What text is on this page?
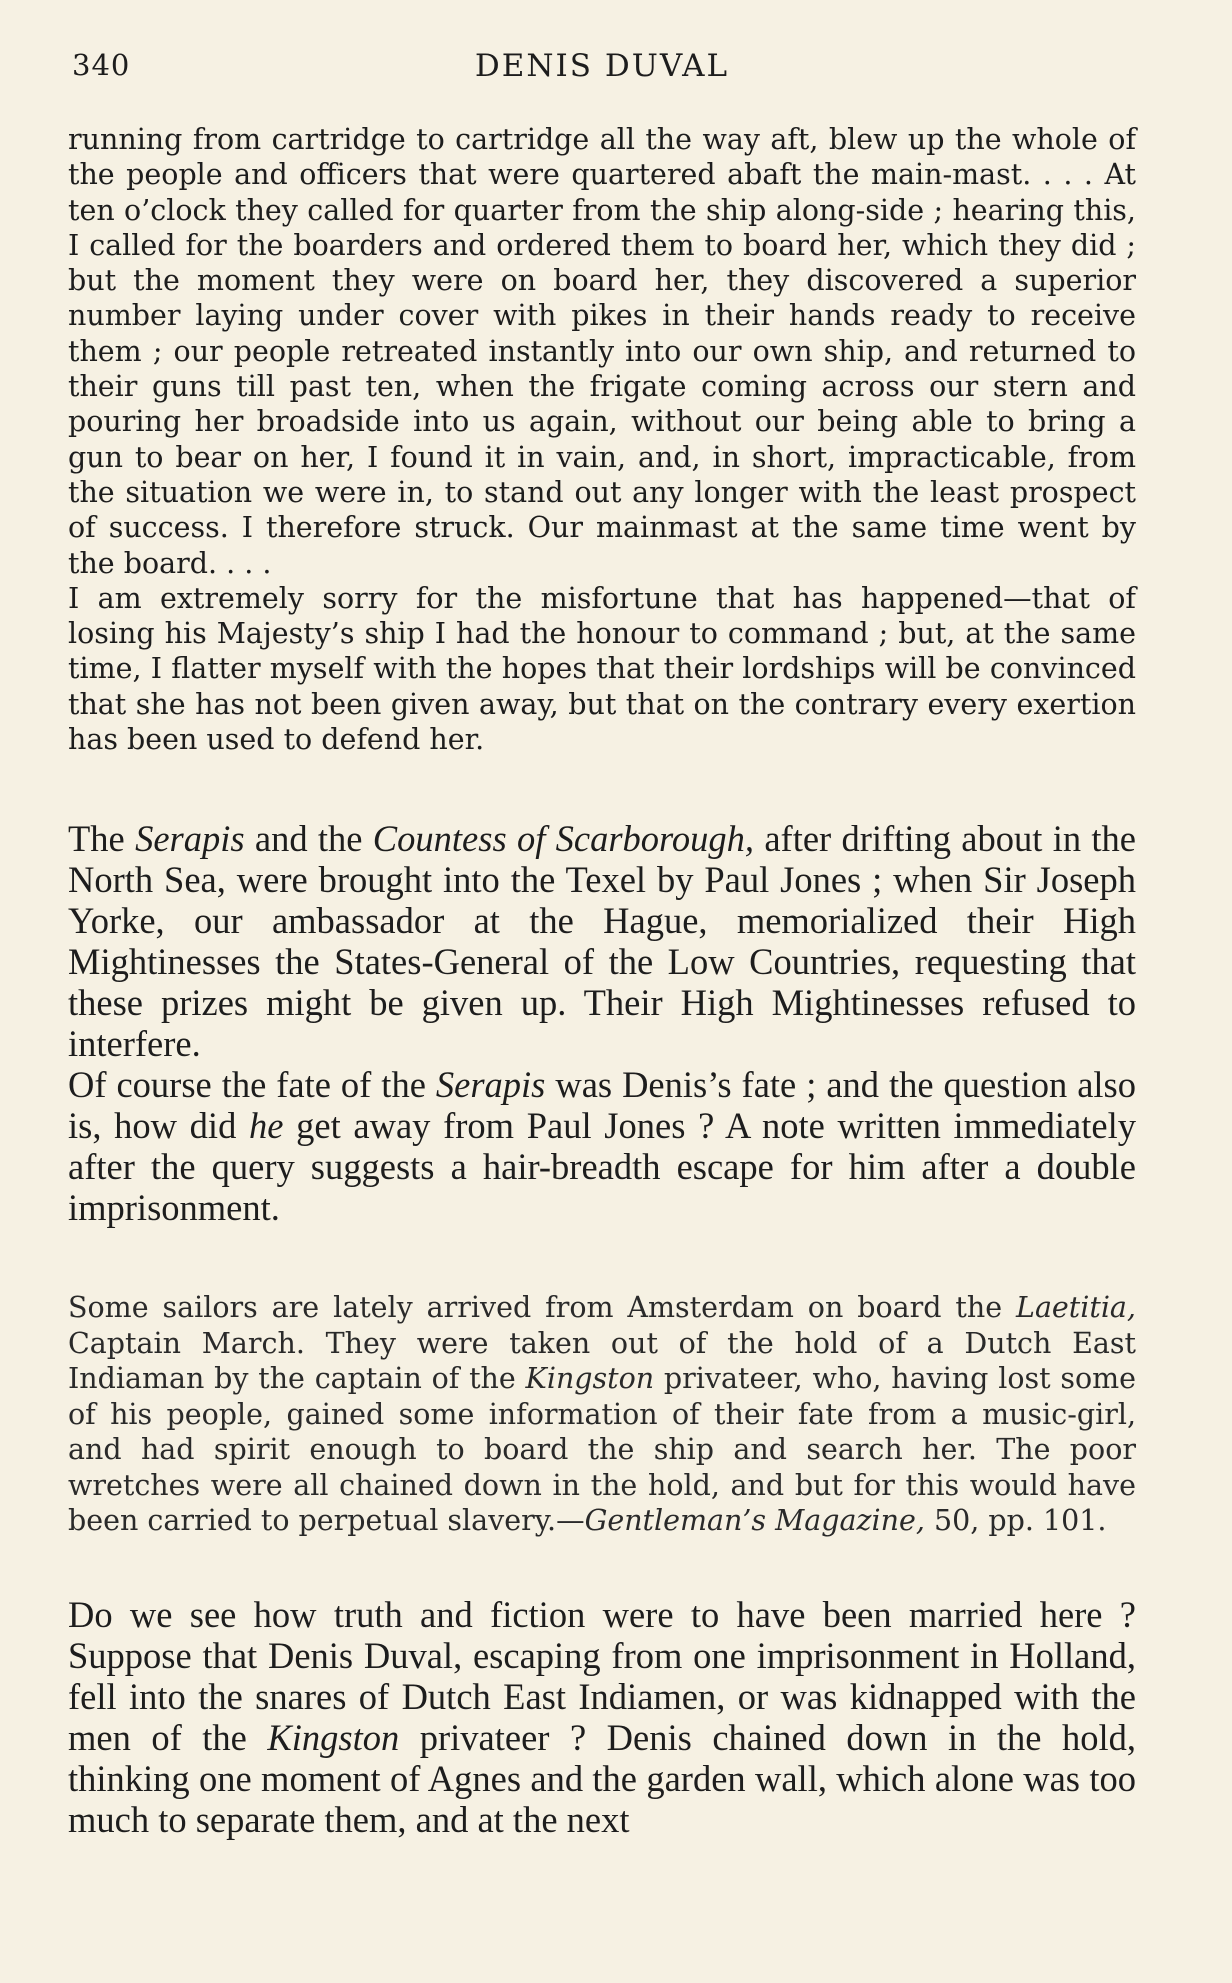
340	DENIS DUVAL

running from cartridge to cartridge all the way aft, blew up the whole of the people and officers that were quartered abaft the main-mast. . . . At ten o’clock they called for quarter from the ship along-side ; hearing this, I called for the boarders and ordered them to board her, which they did ; but the moment they were on board her, they discovered a superior number laying under cover with pikes in their hands ready to receive them ; our people retreated instantly into our own ship, and returned to their guns till past ten, when the frigate coming across our stern and pouring her broadside into us again, without our being able to bring a gun to bear on her, I found it in vain, and, in short, impracticable, from the situation we were in, to stand out any longer with the least prospect of success. I therefore struck. Our mainmast at the same time went by the board. . . .

I am extremely sorry for the misfortune that has happened—that of losing his Majesty’s ship I had the honour to command ; but, at the same time, I flatter myself with the hopes that their lordships will be convinced that she has not been given away, but that on the contrary every exertion has been used to defend her.

The Serapis and the Countess of Scarborough, after drifting about in the North Sea, were brought into the Texel by Paul Jones ; when Sir Joseph Yorke, our ambassador at the Hague, memorialized their High Mightinesses the States-General of the Low Countries, requesting that these prizes might be given up. Their High Mightinesses refused to interfere.

Of course the fate of the Serapis was Denis’s fate ; and the question also is, how did he get away from Paul Jones ? A note written immediately after the query suggests a hair-breadth escape for him after a double imprisonment.

Some sailors are lately arrived from Amsterdam on board the Laetitia, Captain March. They were taken out of the hold of a Dutch East Indiaman by the captain of the Kingston privateer, who, having lost some of his people, gained some information of their fate from a music-girl, and had spirit enough to board the ship and search her. The poor wretches were all chained down in the hold, and but for this would have been carried to perpetual slavery.—Gentleman’s Magazine, 50, pp. 101.

Do we see how truth and fiction were to have been married here ? Suppose that Denis Duval, escaping from one imprisonment in Holland, fell into the snares of Dutch East Indiamen, or was kidnapped with the men of the Kingston privateer ? Denis chained down in the hold, thinking one moment of Agnes and the garden wall, which alone was too much to separate them, and at the next
